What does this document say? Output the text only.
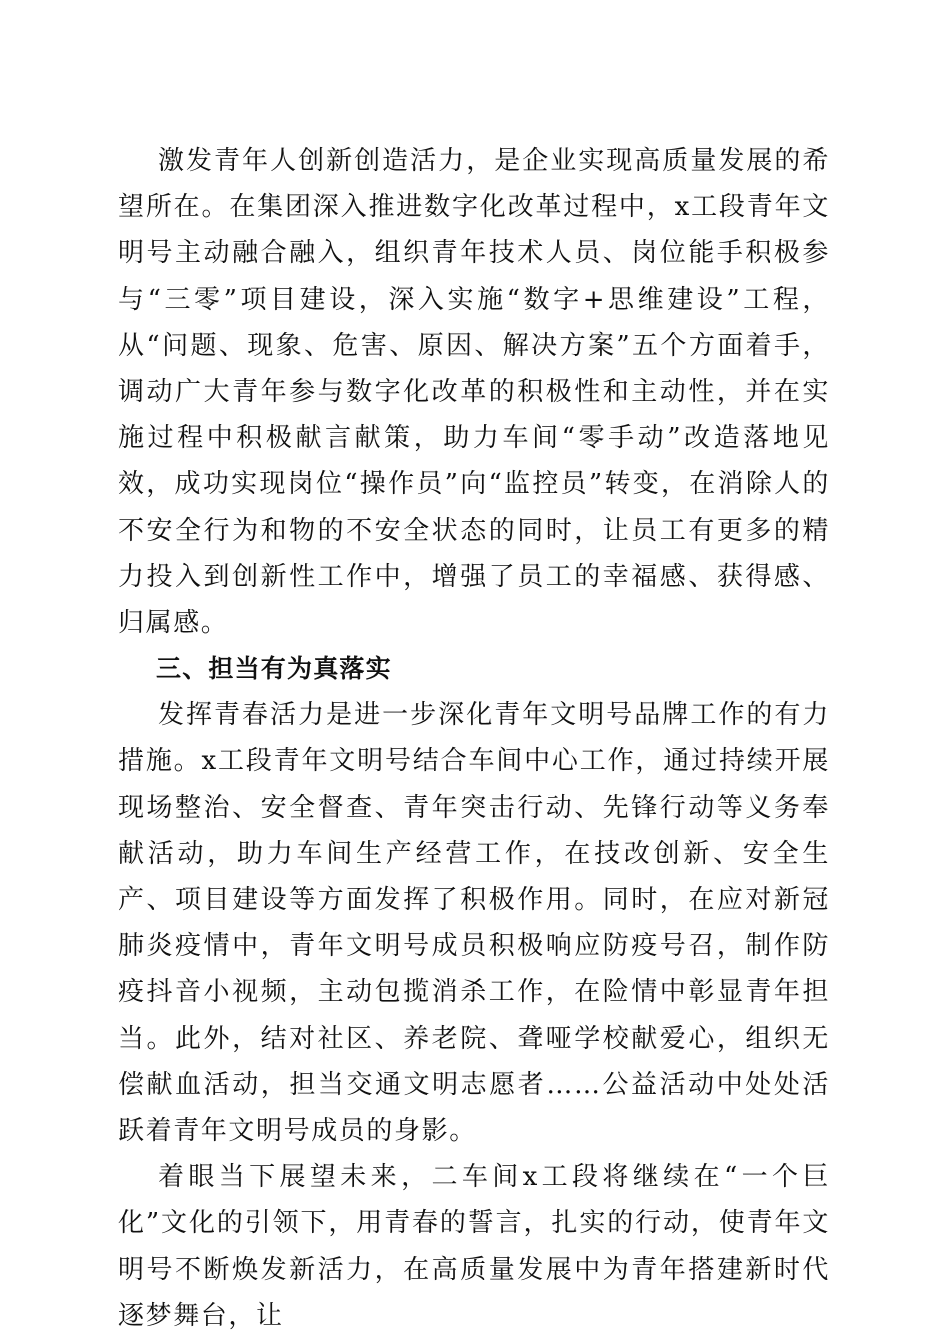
激发青年人创新创造活力，是企业实现高质量发展的希望所在。在集团深入推进数字化改革过程中，x工段青年文明号主动融合融入，组织青年技术人员、岗位能手积极参与“三零”项目建设，深入实施“数字+思维建设”工程，从“问题、现象、危害、原因、解决方案”五个方面着手，调动广大青年参与数字化改革的积极性和主动性，并在实施过程中积极献言献策，助力车间“零手动”改造落地见效，成功实现岗位“操作员”向“监控员”转变，在消除人的不安全行为和物的不安全状态的同时，让员工有更多的精力投入到创新性工作中，增强了员工的幸福感、获得感、归属感。

三、担当有为真落实

发挥青春活力是进一步深化青年文明号品牌工作的有力措施。x工段青年文明号结合车间中心工作，通过持续开展现场整治、安全督查、青年突击行动、先锋行动等义务奉献活动，助力车间生产经营工作，在技改创新、安全生产、项目建设等方面发挥了积极作用。同时，在应对新冠肺炎疫情中，青年文明号成员积极响应防疫号召，制作防疫抖音小视频，主动包揽消杀工作，在险情中彰显青年担当。此外，结对社区、养老院、聋哑学校献爱心，组织无偿献血活动，担当交通文明志愿者……公益活动中处处活跃着青年文明号成员的身影。

着眼当下展望未来，二车间x工段将继续在“一个巨化”文化的引领下，用青春的誓言，扎实的行动，使青年文明号不断焕发新活力，在高质量发展中为青年搭建新时代逐梦舞台，让
